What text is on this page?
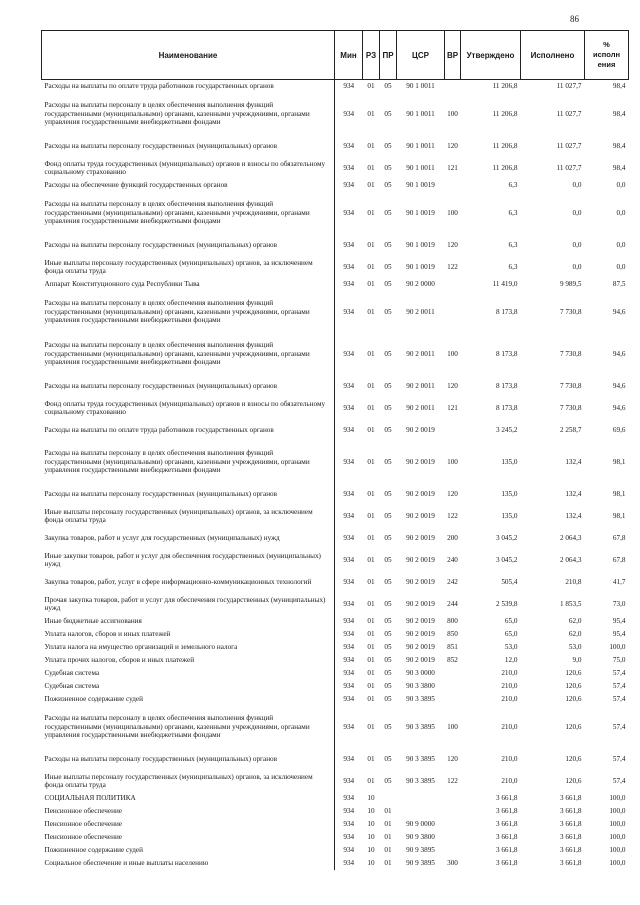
86
Наименование	Мин	РЗ	ПР	ЦСР	ВР	Утверждено	Исполнено	%
исполн
ения

Расходы на выплаты по оплате труда работников государственных органов	934	01	05	90 1 0011		11 206,8	11 027,7	98,4
Расходы на выплаты персоналу в целях обеспечения выполнения функций государственными (муниципальными) органами, казенными учреждениями, органами управления государственными внебюджетными фондами	934	01	05	90 1 0011	100	11 206,8	11 027,7	98,4
Расходы на выплаты персоналу государственных (муниципальных) органов	934	01	05	90 1 0011	120	11 206,8	11 027,7	98,4
Фонд оплаты труда государственных (муниципальных) органов и взносы по обязательному социальному страхованию	934	01	05	90 1 0011	121	11 206,8	11 027,7	98,4
Расходы на обеспечение функций государственных органов	934	01	05	90 1 0019		6,3	0,0	0,0
Расходы на выплаты персоналу в целях обеспечения выполнения функций государственными (муниципальными) органами, казенными учреждениями, органами управления государственными внебюджетными фондами	934	01	05	90 1 0019	100	6,3	0,0	0,0
Расходы на выплаты персоналу государственных (муниципальных) органов	934	01	05	90 1 0019	120	6,3	0,0	0,0
Иные выплаты персоналу государственных (муниципальных) органов, за исключением фонда оплаты труда	934	01	05	90 1 0019	122	6,3	0,0	0,0
Аппарат Конституционного суда Республики Тыва	934	01	05	90 2 0000		11 419,0	9 989,5	87,5
Расходы на выплаты персоналу в целях обеспечения выполнения функций государственными (муниципальными) органами, казенными учреждениями, органами управления государственными внебюджетными фондами	934	01	05	90 2 0011		8 173,8	7 730,8	94,6
Расходы на выплаты персоналу в целях обеспечения выполнения функций государственными (муниципальными) органами, казенными учреждениями, органами управления государственными внебюджетными фондами	934	01	05	90 2 0011	100	8 173,8	7 730,8	94,6
Расходы на выплаты персоналу государственных (муниципальных) органов	934	01	05	90 2 0011	120	8 173,8	7 730,8	94,6
Фонд оплаты труда государственных (муниципальных) органов и взносы по обязательному социальному страхованию	934	01	05	90 2 0011	121	8 173,8	7 730,8	94,6
Расходы на выплаты по оплате труда работников государственных органов	934	01	05	90 2 0019		3 245,2	2 258,7	69,6
Расходы на выплаты персоналу в целях обеспечения выполнения функций государственными (муниципальными) органами, казенными учреждениями, органами управления государственными внебюджетными фондами	934	01	05	90 2 0019	100	135,0	132,4	98,1
Расходы на выплаты персоналу государственных (муниципальных) органов	934	01	05	90 2 0019	120	135,0	132,4	98,1
Иные выплаты персоналу государственных (муниципальных) органов, за исключением фонда оплаты труда	934	01	05	90 2 0019	122	135,0	132,4	98,1
Закупка товаров, работ и услуг для государственных (муниципальных) нужд	934	01	05	90 2 0019	200	3 045,2	2 064,3	67,8
Иные закупки товаров, работ и услуг для обеспечения государственных (муниципальных) нужд	934	01	05	90 2 0019	240	3 045,2	2 064,3	67,8
Закупка товаров, работ, услуг в сфере информационно-коммуникационных технологий	934	01	05	90 2 0019	242	505,4	210,8	41,7
Прочая закупка товаров, работ и услуг для обеспечения государственных (муниципальных) нужд	934	01	05	90 2 0019	244	2 539,8	1 853,5	73,0
Иные бюджетные ассигнования	934	01	05	90 2 0019	800	65,0	62,0	95,4
Уплата налогов, сборов и иных платежей	934	01	05	90 2 0019	850	65,0	62,0	95,4
Уплата налога на имущество организаций и земельного налога	934	01	05	90 2 0019	851	53,0	53,0	100,0
Уплата прочих налогов, сборов и иных платежей	934	01	05	90 2 0019	852	12,0	9,0	75,0
Судебная система	934	01	05	90 3 0000		210,0	120,6	57,4
Судебная система	934	01	05	90 3 3800		210,0	120,6	57,4
Пожизненное содержание судей	934	01	05	90 3 3895		210,0	120,6	57,4
Расходы на выплаты персоналу в целях обеспечения выполнения функций государственными (муниципальными) органами, казенными учреждениями, органами управления государственными внебюджетными фондами	934	01	05	90 3 3895	100	210,0	120,6	57,4
Расходы на выплаты персоналу государственных (муниципальных) органов	934	01	05	90 3 3895	120	210,0	120,6	57,4
Иные выплаты персоналу государственных (муниципальных) органов, за исключением фонда оплаты труда	934	01	05	90 3 3895	122	210,0	120,6	57,4
СОЦИАЛЬНАЯ ПОЛИТИКА	934	10				3 661,8	3 661,8	100,0
Пенсионное обеспечение	934	10	01			3 661,8	3 661,8	100,0
Пенсионное обеспечение	934	10	01	90 9 0000		3 661,8	3 661,8	100,0
Пенсионное обеспечение	934	10	01	90 9 3800		3 661,8	3 661,8	100,0
Пожизненное содержание судей	934	10	01	90 9 3895		3 661,8	3 661,8	100,0
Социальное обеспечение и иные выплаты населению	934	10	01	90 9 3895	300	3 661,8	3 661,8	100,0
